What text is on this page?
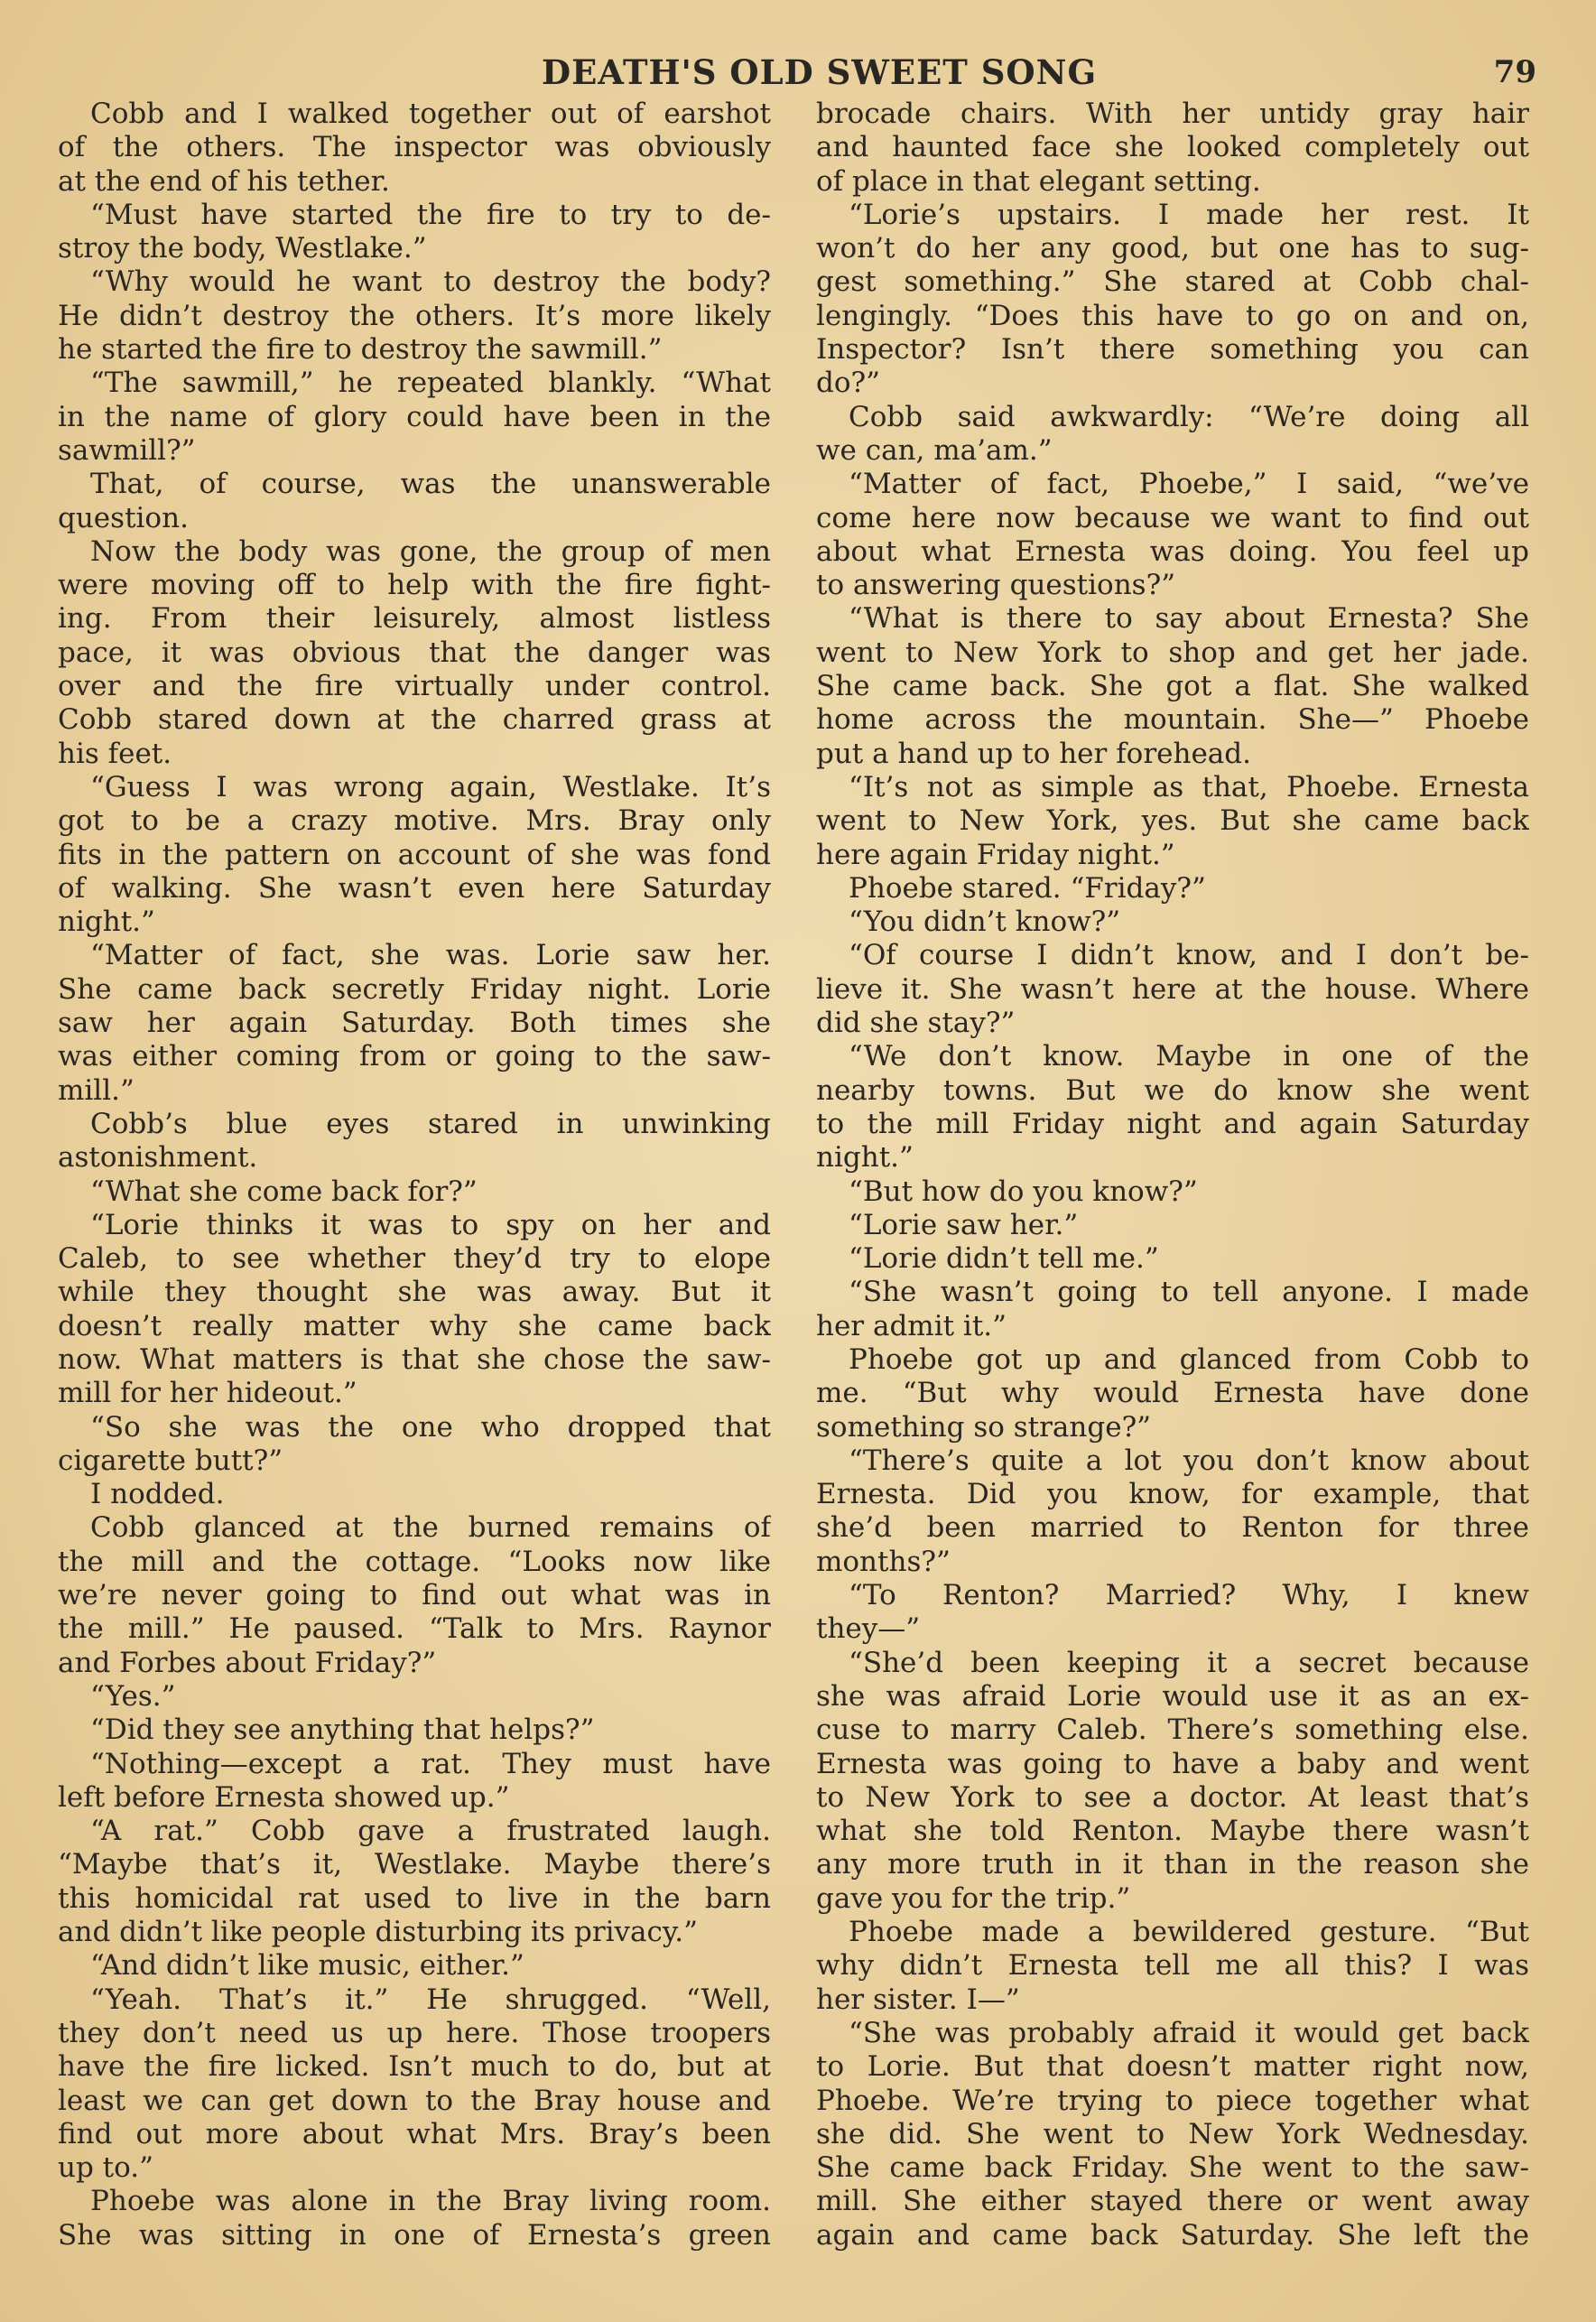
DEATH'S OLD SWEET SONG	79
Cobb and I walked together out of earshot
of the others. The inspector was obviously
at the end of his tether.
“Must have started the fire to try to de-
stroy the body, Westlake.”
“Why would he want to destroy the body?
He didn’t destroy the others. It’s more likely
he started the fire to destroy the sawmill.”
“The sawmill,” he repeated blankly. “What
in the name of glory could have been in the
sawmill?”
That, of course, was the unanswerable
question.
Now the body was gone, the group of men
were moving off to help with the fire fight-
ing. From their leisurely, almost listless
pace, it was obvious that the danger was
over and the fire virtually under control.
Cobb stared down at the charred grass at
his feet.
“Guess I was wrong again, Westlake. It’s
got to be a crazy motive. Mrs. Bray only
fits in the pattern on account of she was fond
of walking. She wasn’t even here Saturday
night.”
“Matter of fact, she was. Lorie saw her.
She came back secretly Friday night. Lorie
saw her again Saturday. Both times she
was either coming from or going to the saw-
mill.”
Cobb’s blue eyes stared in unwinking
astonishment.
“What she come back for?”
“Lorie thinks it was to spy on her and
Caleb, to see whether they’d try to elope
while they thought she was away. But it
doesn’t really matter why she came back
now. What matters is that she chose the saw-
mill for her hideout.”
“So she was the one who dropped that
cigarette butt?”
I nodded.
Cobb glanced at the burned remains of
the mill and the cottage. “Looks now like
we’re never going to find out what was in
the mill.” He paused. “Talk to Mrs. Raynor
and Forbes about Friday?”
“Yes.”
“Did they see anything that helps?”
“Nothing—except a rat. They must have
left before Ernesta showed up.”
“A rat.” Cobb gave a frustrated laugh.
“Maybe that’s it, Westlake. Maybe there’s
this homicidal rat used to live in the barn
and didn’t like people disturbing its privacy.”
“And didn’t like music, either.”
“Yeah. That’s it.” He shrugged. “Well,
they don’t need us up here. Those troopers
have the fire licked. Isn’t much to do, but at
least we can get down to the Bray house and
find out more about what Mrs. Bray’s been
up to.”
Phoebe was alone in the Bray living room.
She was sitting in one of Ernesta’s green
brocade chairs. With her untidy gray hair
and haunted face she looked completely out
of place in that elegant setting.
“Lorie’s upstairs. I made her rest. It
won’t do her any good, but one has to sug-
gest something.” She stared at Cobb chal-
lengingly. “Does this have to go on and on,
Inspector? Isn’t there something you can
do?”
Cobb said awkwardly: “We’re doing all
we can, ma’am.”
“Matter of fact, Phoebe,” I said, “we’ve
come here now because we want to find out
about what Ernesta was doing. You feel up
to answering questions?”
“What is there to say about Ernesta? She
went to New York to shop and get her jade.
She came back. She got a flat. She walked
home across the mountain. She—” Phoebe
put a hand up to her forehead.
“It’s not as simple as that, Phoebe. Ernesta
went to New York, yes. But she came back
here again Friday night.”
Phoebe stared. “Friday?”
“You didn’t know?”
“Of course I didn’t know, and I don’t be-
lieve it. She wasn’t here at the house. Where
did she stay?”
“We don’t know. Maybe in one of the
nearby towns. But we do know she went
to the mill Friday night and again Saturday
night.”
“But how do you know?”
“Lorie saw her.”
“Lorie didn’t tell me.”
“She wasn’t going to tell anyone. I made
her admit it.”
Phoebe got up and glanced from Cobb to
me. “But why would Ernesta have done
something so strange?”
“There’s quite a lot you don’t know about
Ernesta. Did you know, for example, that
she’d been married to Renton for three
months?”
“To Renton? Married? Why, I knew
they—”
“She’d been keeping it a secret because
she was afraid Lorie would use it as an ex-
cuse to marry Caleb. There’s something else.
Ernesta was going to have a baby and went
to New York to see a doctor. At least that’s
what she told Renton. Maybe there wasn’t
any more truth in it than in the reason she
gave you for the trip.”
Phoebe made a bewildered gesture. “But
why didn’t Ernesta tell me all this? I was
her sister. I—”
“She was probably afraid it would get back
to Lorie. But that doesn’t matter right now,
Phoebe. We’re trying to piece together what
she did. She went to New York Wednesday.
She came back Friday. She went to the saw-
mill. She either stayed there or went away
again and came back Saturday. She left the
